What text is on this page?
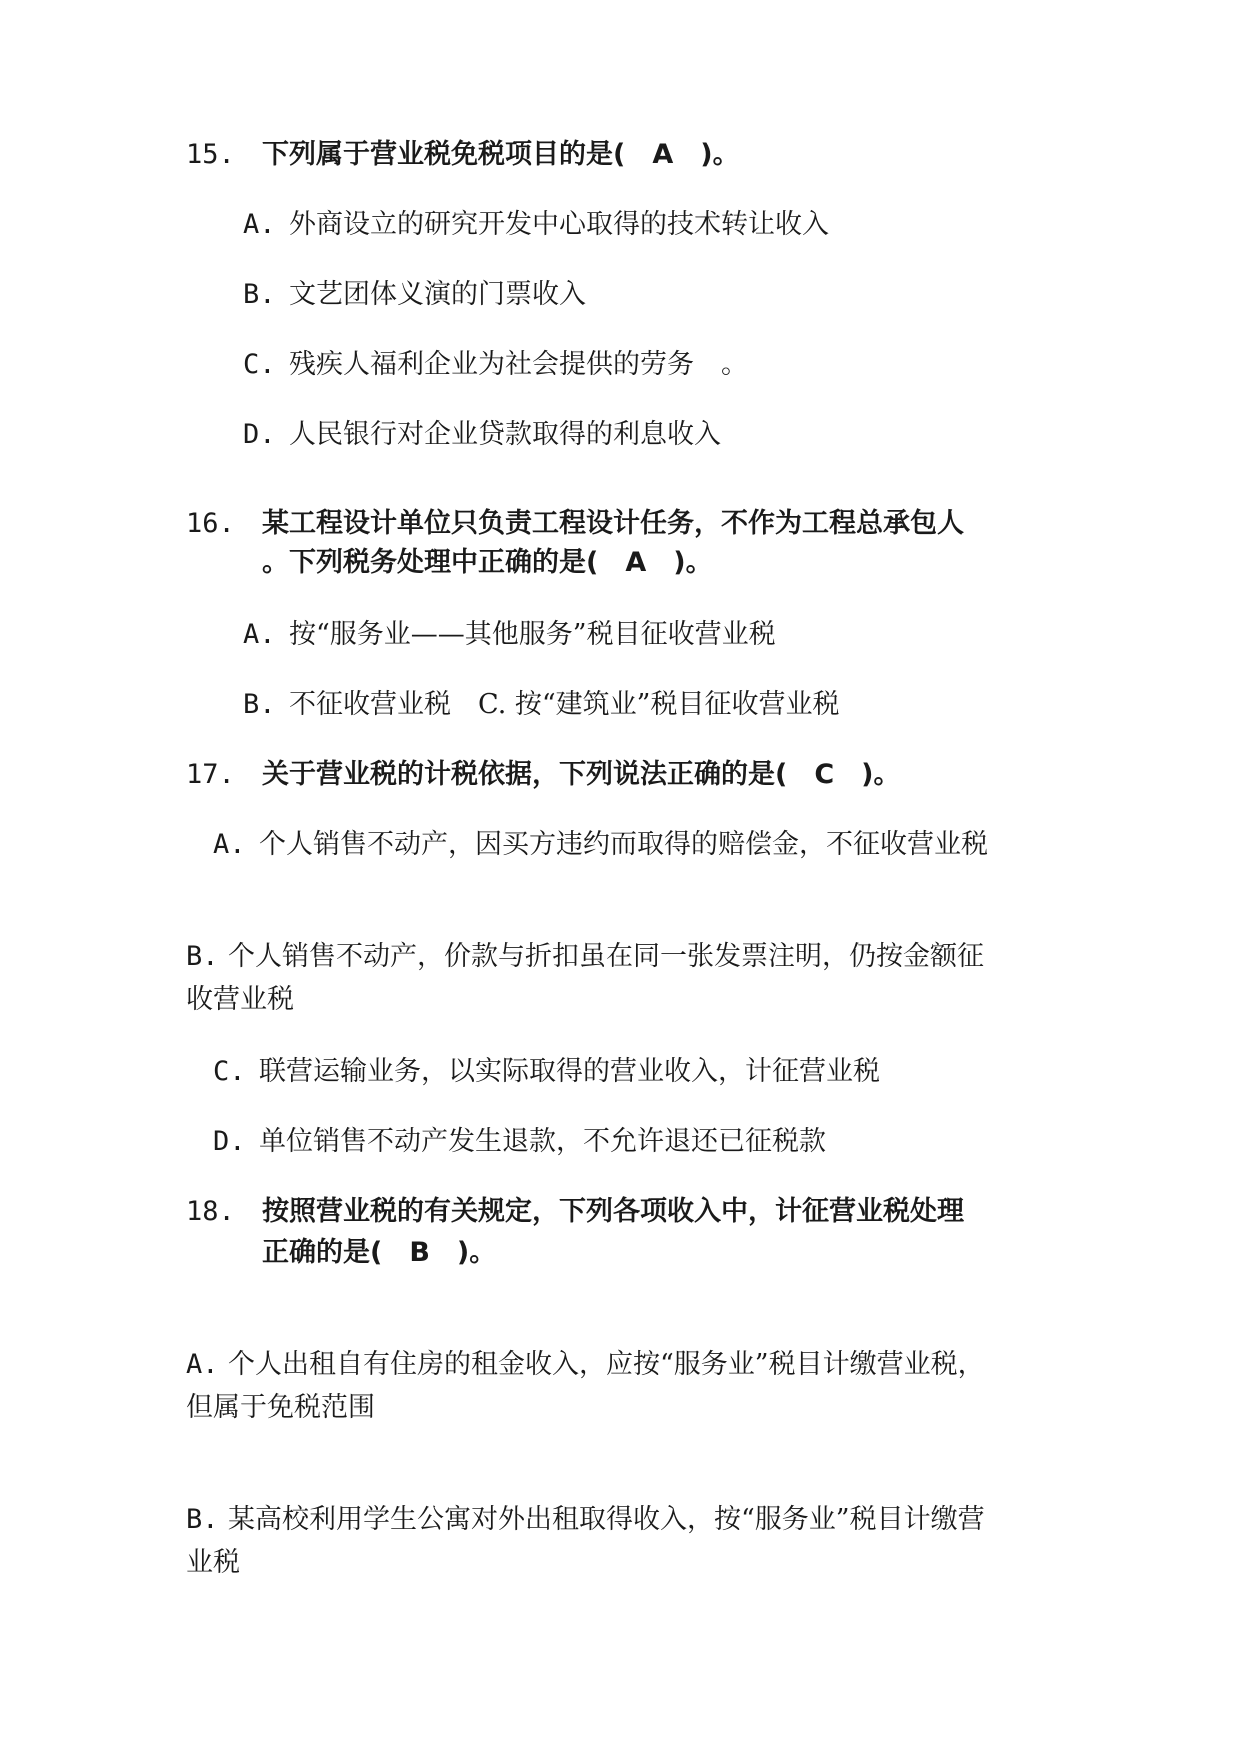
15. 下列属于营业税免税项目的是(　A　)。
A. 外商设立的研究开发中心取得的技术转让收入
B. 文艺团体义演的门票收入
C. 残疾人福利企业为社会提供的劳务　。
D. 人民银行对企业贷款取得的利息收入
16. 某工程设计单位只负责工程设计任务，不作为工程总承包人
。下列税务处理中正确的是(　A　)。
A. 按“服务业——其他服务”税目征收营业税
B. 不征收营业税　C. 按“建筑业”税目征收营业税
17. 关于营业税的计税依据，下列说法正确的是(　C　)。
A. 个人销售不动产，因买方违约而取得的赔偿金，不征收营业税
B. 个人销售不动产，价款与折扣虽在同一张发票注明，仍按金额征
收营业税
C. 联营运输业务，以实际取得的营业收入，计征营业税
D. 单位销售不动产发生退款，不允许退还已征税款
18. 按照营业税的有关规定，下列各项收入中，计征营业税处理
正确的是(　B　)。
A. 个人出租自有住房的租金收入，应按“服务业”税目计缴营业税，
但属于免税范围
B. 某高校利用学生公寓对外出租取得收入，按“服务业”税目计缴营
业税
